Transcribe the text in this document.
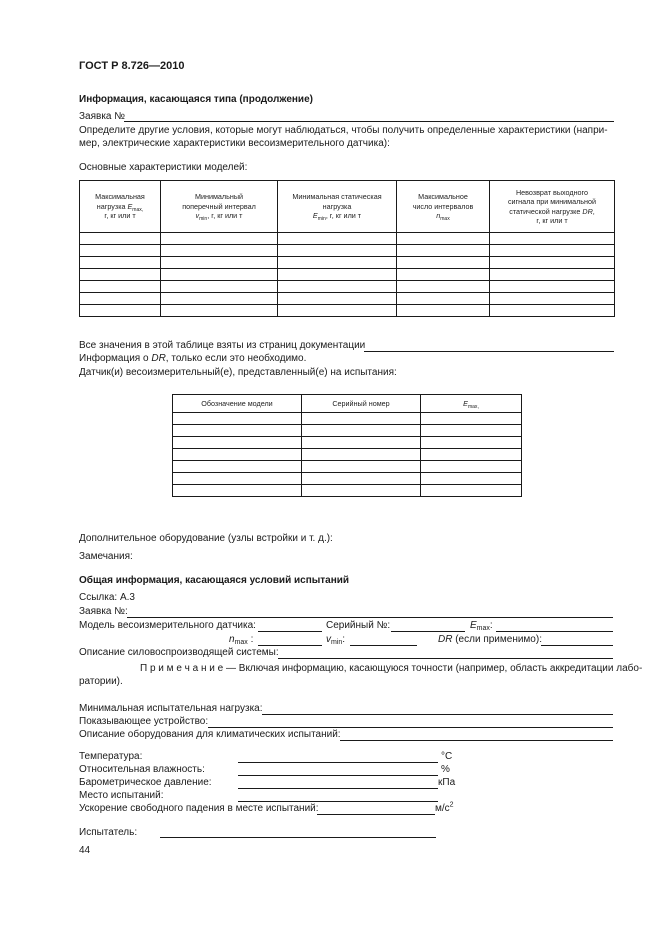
ГОСТ Р 8.726—2010
Информация, касающаяся типа (продолжение)
Заявка №
Определите другие условия, которые могут наблюдаться, чтобы получить определенные характеристики (напри-
мер, электрические характеристики весоизмерительного датчика):
Основные характеристики моделей:
Максимальная
нагрузка $E_{max,}$
r, кг или т	Минимальный
поперечный интервал
$v_{min}$, r, кг или т	Минимальная статическая
нагрузка
$E_{min}$, r, кг или т	Максимальное
число интервалов
$n_{max}$	Невозврат выходного
сигнала при минимальной
статической нагрузке DR,
r, кг или т

Все значения в этой таблице взяты из страниц документации
Информация о DR, только если это необходимо.
Датчик(и) весоизмерительный(е), представленный(е) на испытания:
Обозначение модели	Серийный номер	$E_{max,}$

Дополнительное оборудование (узлы встройки и т. д.):
Замечания:
Общая информация, касающаяся условий испытаний
Ссылка: А.3
Заявка №:
Модель весоизмерительного датчика:	Серийный №:	$E_{max}$:
$n_{max}$ :	$v_{min}$:	DR (если применимо):
Описание силовоспроизводящей системы:
П р и м е ч а н и е — Включая информацию, касающуюся точности (например, область аккредитации лабо-
ратории).
Минимальная испытательная нагрузка:
Показывающее устройство:
Описание оборудования для климатических испытаний:
Температура:	°С
Относительная влажность:	%
Барометрическое давление:	кПа
Место испытаний:
Ускорение свободного падения в месте испытаний:	$м/с^2$
Испытатель:
44
